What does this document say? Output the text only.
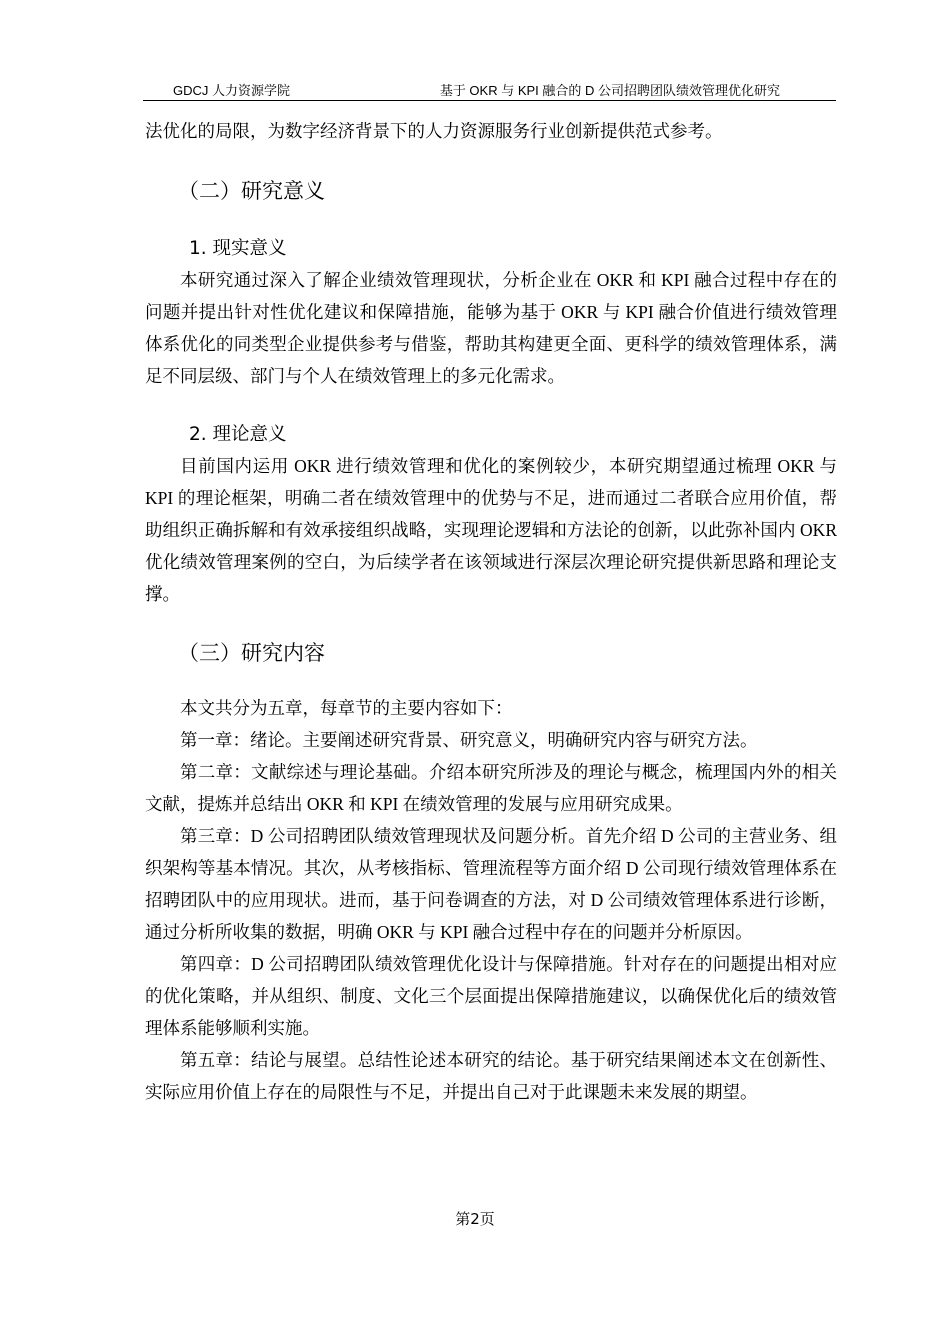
GDCJ 人力资源学院	基于 OKR 与 KPI 融合的 D 公司招聘团队绩效管理优化研究

法优化的局限，为数字经济背景下的人力资源服务行业创新提供范式参考。

（二）研究意义
1. 现实意义

本研究通过深入了解企业绩效管理现状，分析企业在 OKR 和 KPI 融合过程中存在的问题并提出针对性优化建议和保障措施，能够为基于 OKR 与 KPI 融合价值进行绩效管理体系优化的同类型企业提供参考与借鉴，帮助其构建更全面、更科学的绩效管理体系，满足不同层级、部门与个人在绩效管理上的多元化需求。

2. 理论意义

目前国内运用 OKR 进行绩效管理和优化的案例较少，本研究期望通过梳理 OKR 与 KPI 的理论框架，明确二者在绩效管理中的优势与不足，进而通过二者联合应用价值，帮助组织正确拆解和有效承接组织战略，实现理论逻辑和方法论的创新，以此弥补国内 OKR 优化绩效管理案例的空白，为后续学者在该领域进行深层次理论研究提供新思路和理论支撑。

（三）研究内容

本文共分为五章，每章节的主要内容如下：

第一章：绪论。主要阐述研究背景、研究意义，明确研究内容与研究方法。

第二章：文献综述与理论基础。介绍本研究所涉及的理论与概念，梳理国内外的相关文献，提炼并总结出 OKR 和 KPI 在绩效管理的发展与应用研究成果。

第三章：D 公司招聘团队绩效管理现状及问题分析。首先介绍 D 公司的主营业务、组织架构等基本情况。其次，从考核指标、管理流程等方面介绍 D 公司现行绩效管理体系在招聘团队中的应用现状。进而，基于问卷调查的方法，对 D 公司绩效管理体系进行诊断，通过分析所收集的数据，明确 OKR 与 KPI 融合过程中存在的问题并分析原因。

第四章：D 公司招聘团队绩效管理优化设计与保障措施。针对存在的问题提出相对应的优化策略，并从组织、制度、文化三个层面提出保障措施建议，以确保优化后的绩效管理体系能够顺利实施。

第五章：结论与展望。总结性论述本研究的结论。基于研究结果阐述本文在创新性、实际应用价值上存在的局限性与不足，并提出自己对于此课题未来发展的期望。

第2页
